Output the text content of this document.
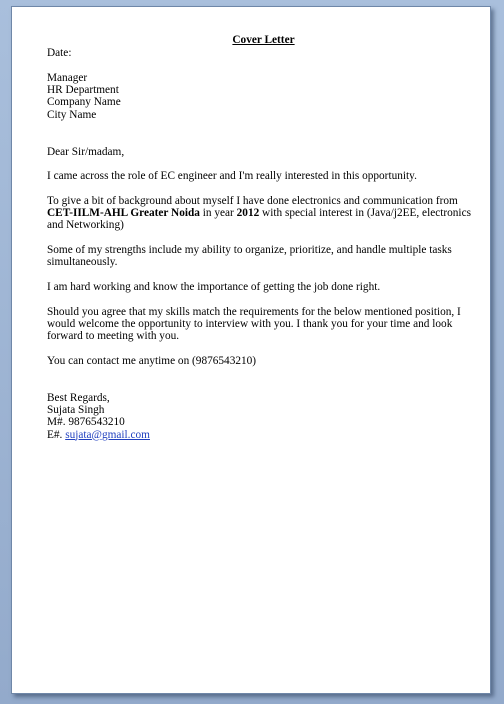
Cover Letter

Date:

Manager

HR Department

Company Name

City Name

Dear Sir/madam,

I came across the role of EC engineer and I'm really interested in this opportunity.

To give a bit of background about myself I have done electronics and communication from CET-IILM-AHL Greater Noida in year 2012 with special interest in (Java/j2EE, electronics and Networking)

Some of my strengths include my ability to organize, prioritize, and handle multiple tasks simultaneously.

I am hard working and know the importance of getting the job done right.

Should you agree that my skills match the requirements for the below mentioned position, I would welcome the opportunity to interview with you. I thank you for your time and look forward to meeting with you.

You can contact me anytime on (9876543210)

Best Regards,

Sujata Singh

M#. 9876543210

E#. sujata@gmail.com
